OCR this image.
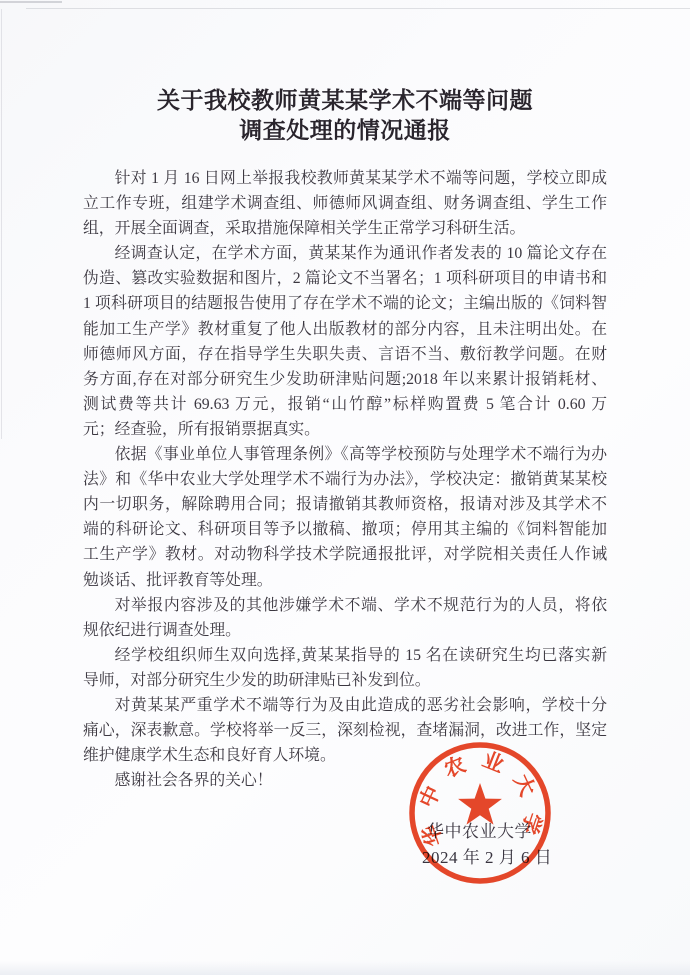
关于我校教师黄某某学术不端等问题
调查处理的情况通报
针对 1 月 16 日网上举报我校教师黄某某学术不端等问题，学校立即成
立工作专班，组建学术调查组、师德师风调查组、财务调查组、学生工作
组，开展全面调查，采取措施保障相关学生正常学习科研生活。
经调查认定，在学术方面，黄某某作为通讯作者发表的 10 篇论文存在
伪造、篡改实验数据和图片，2 篇论文不当署名；1 项科研项目的申请书和
1 项科研项目的结题报告使用了存在学术不端的论文；主编出版的《饲料智
能加工生产学》教材重复了他人出版教材的部分内容，且未注明出处。在
师德师风方面，存在指导学生失职失责、言语不当、敷衍教学问题。在财
务方面,存在对部分研究生少发助研津贴问题;2018 年以来累计报销耗材、
测试费等共计 69.63 万元，报销“山竹醇”标样购置费 5 笔合计 0.60 万
元；经查验，所有报销票据真实。
依据《事业单位人事管理条例》《高等学校预防与处理学术不端行为办
法》和《华中农业大学处理学术不端行为办法》，学校决定：撤销黄某某校
内一切职务，解除聘用合同；报请撤销其教师资格，报请对涉及其学术不
端的科研论文、科研项目等予以撤稿、撤项；停用其主编的《饲料智能加
工生产学》教材。对动物科学技术学院通报批评，对学院相关责任人作诫
勉谈话、批评教育等处理。
对举报内容涉及的其他涉嫌学术不端、学术不规范行为的人员，将依
规依纪进行调查处理。
经学校组织师生双向选择,黄某某指导的 15 名在读研究生均已落实新
导师，对部分研究生少发的助研津贴已补发到位。
对黄某某严重学术不端等行为及由此造成的恶劣社会影响，学校十分
痛心，深表歉意。学校将举一反三，深刻检视，查堵漏洞，改进工作，坚定
维护健康学术生态和良好育人环境。
感谢社会各界的关心！
华中农业大学
2024 年 2 月 6 日
华中农业大学
